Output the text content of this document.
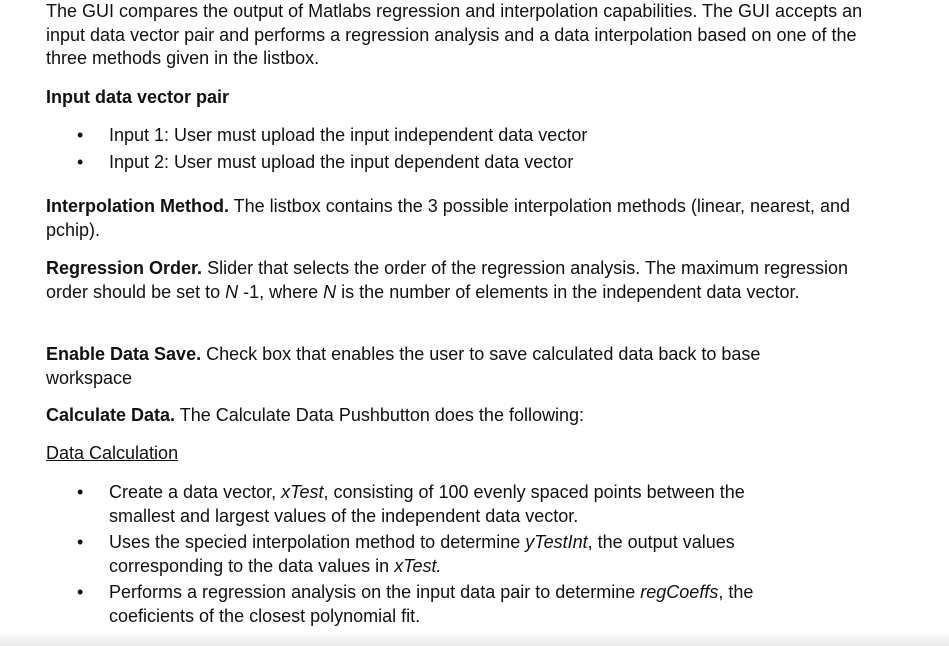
The GUI compares the output of Matlabs regression and interpolation capabilities. The GUI accepts an input data vector pair and performs a regression analysis and a data interpolation based on one of the three methods given in the listbox.

Input data vector pair

• Input 1: User must upload the input independent data vector
• Input 2: User must upload the input dependent data vector

Interpolation Method. The listbox contains the 3 possible interpolation methods (linear, nearest, and pchip).

Regression Order. Slider that selects the order of the regression analysis. The maximum regression order should be set to N -1, where N is the number of elements in the independent data vector.

Enable Data Save. Check box that enables the user to save calculated data back to base workspace

Calculate Data. The Calculate Data Pushbutton does the following:

Data Calculation

• Create a data vector, xTest, consisting of 100 evenly spaced points between the smallest and largest values of the independent data vector.
• Uses the specied interpolation method to determine yTestInt, the output values corresponding to the data values in xTest.
• Performs a regression analysis on the input data pair to determine regCoeffs, the coeficients of the closest polynomial fit.
